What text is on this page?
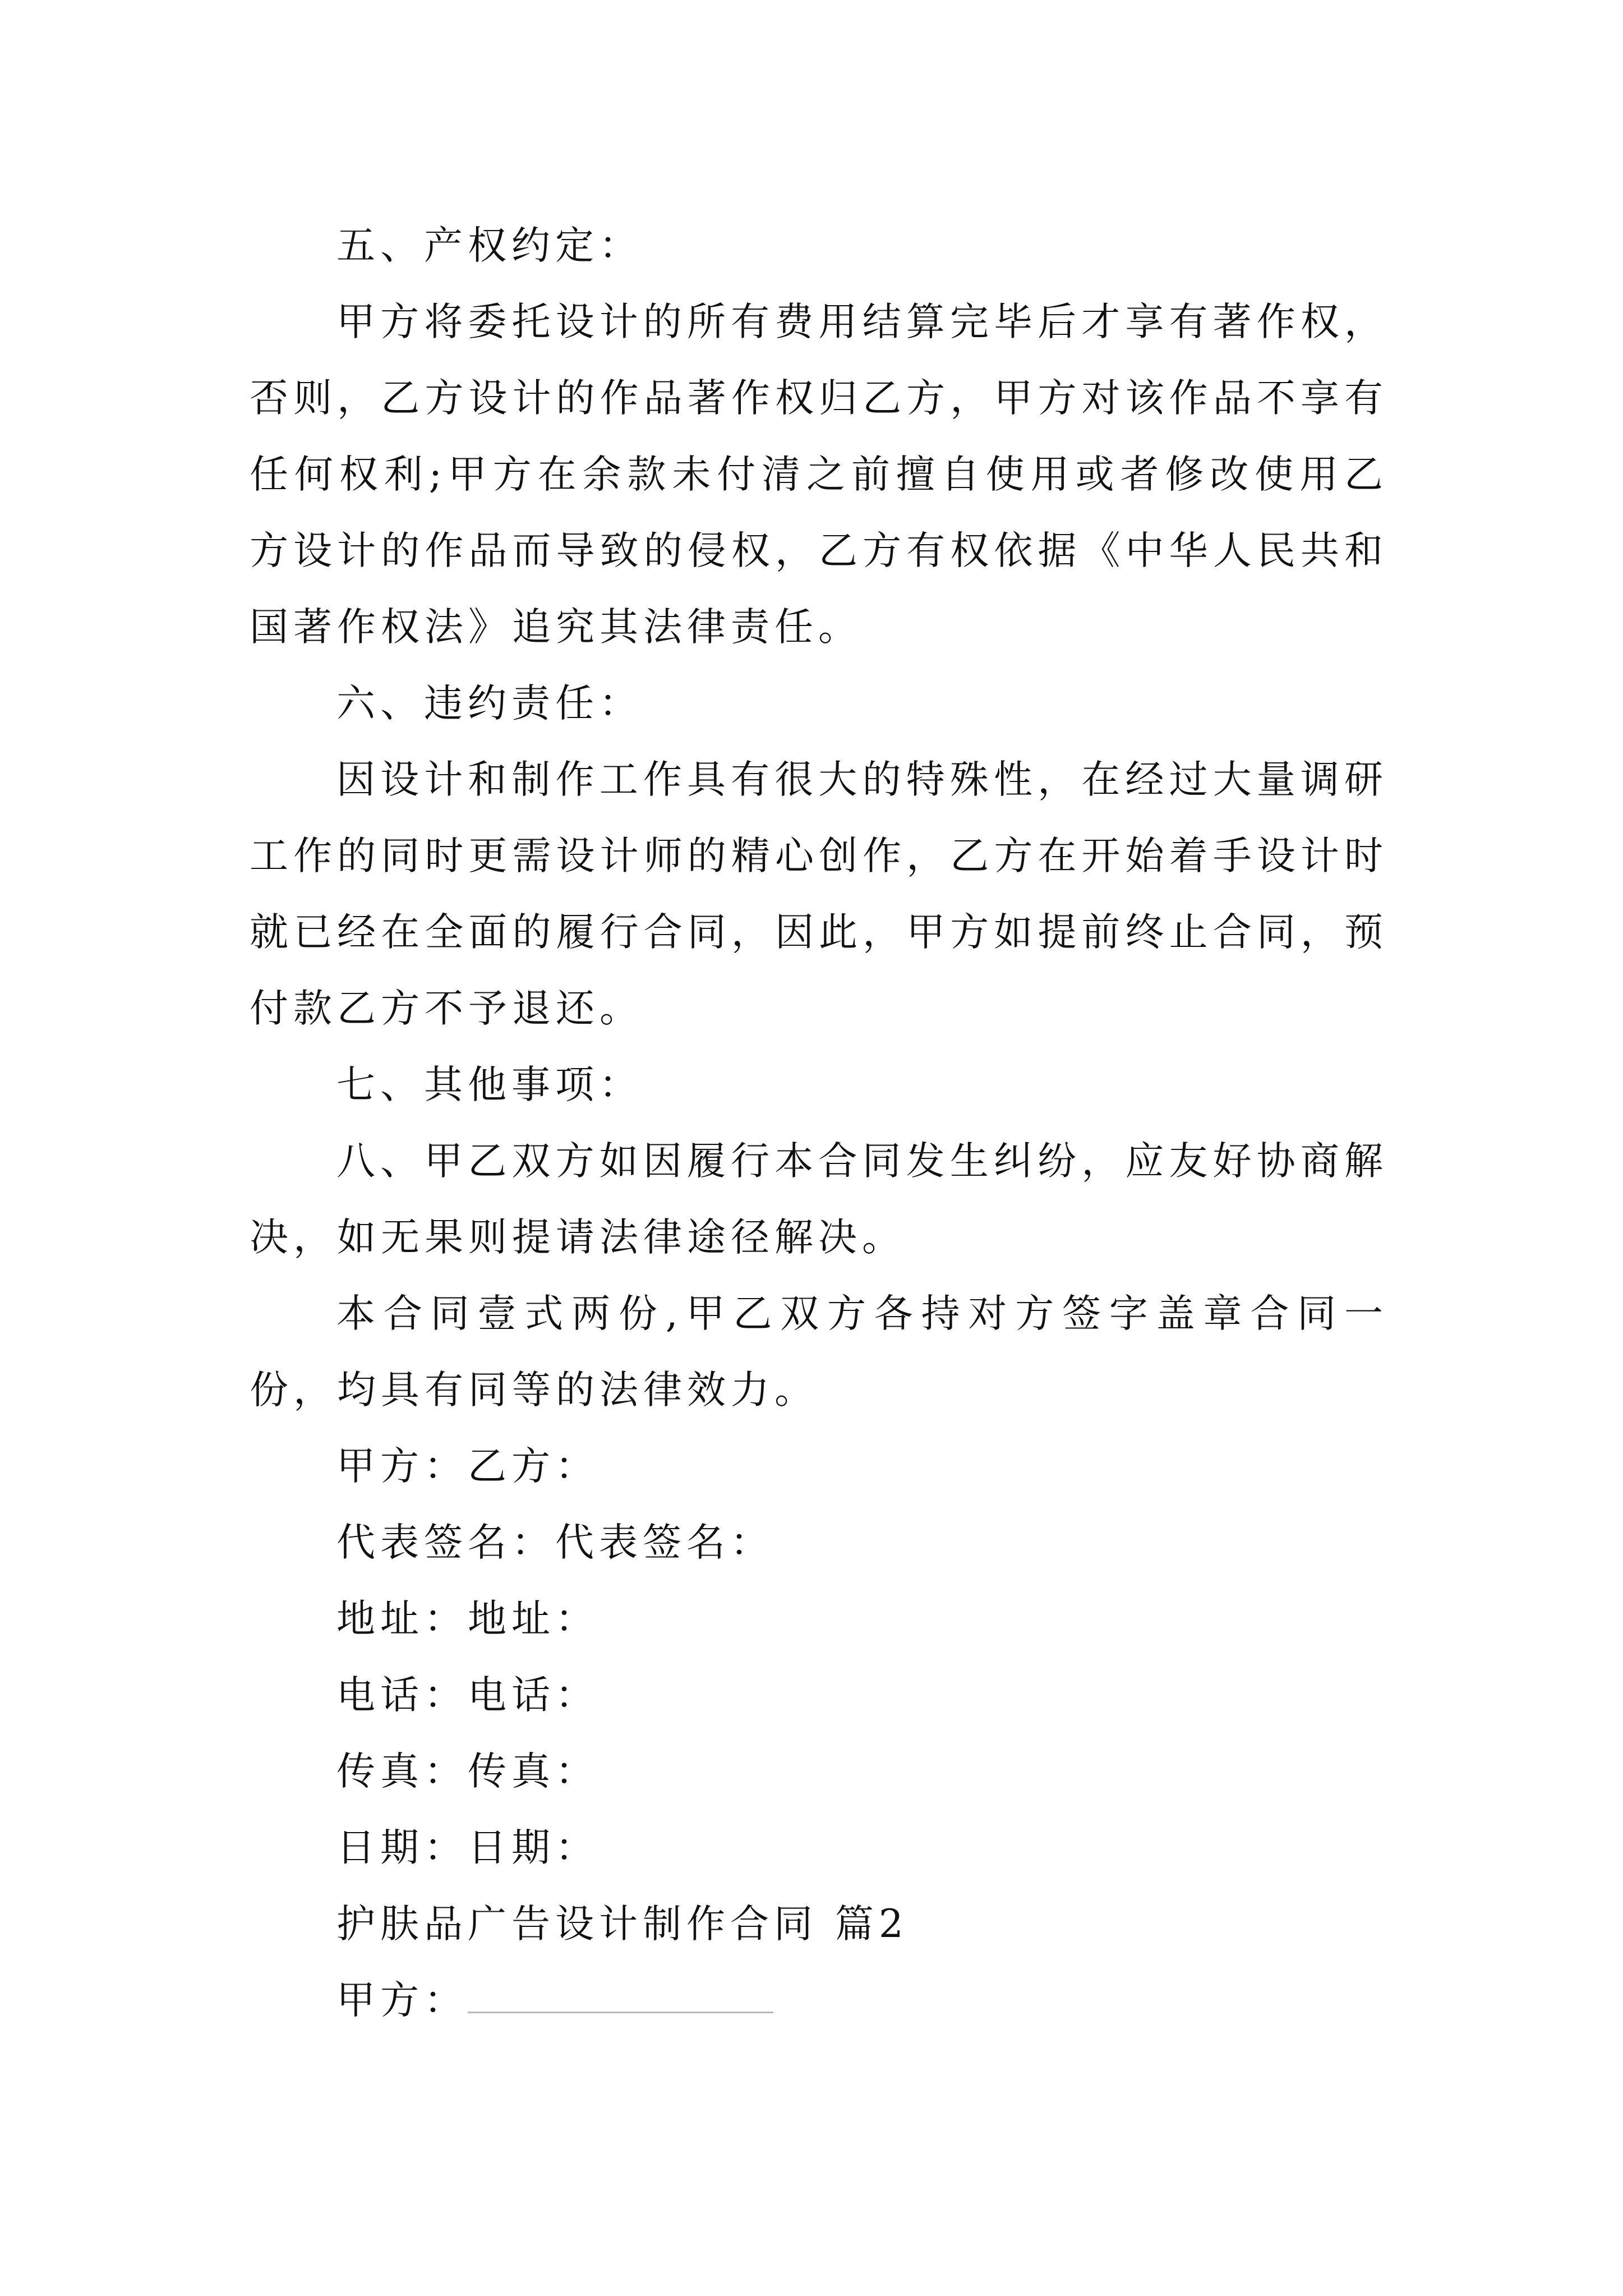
五、产权约定：

甲方将委托设计的所有费用结算完毕后才享有著作权，否则，乙方设计的作品著作权归乙方，甲方对该作品不享有任何权利;甲方在余款未付清之前擅自使用或者修改使用乙方设计的作品而导致的侵权，乙方有权依据《中华人民共和国著作权法》追究其法律责任。

六、违约责任：

因设计和制作工作具有很大的特殊性，在经过大量调研工作的同时更需设计师的精心创作，乙方在开始着手设计时就已经在全面的履行合同，因此，甲方如提前终止合同，预付款乙方不予退还。

七、其他事项：

八、甲乙双方如因履行本合同发生纠纷，应友好协商解决，如无果则提请法律途径解决。

本合同壹式两份,甲乙双方各持对方签字盖章合同一份，均具有同等的法律效力。

甲方：乙方：

代表签名：代表签名：

地址：地址：

电话：电话：

传真：传真：

日期：日期：

护肤品广告设计制作合同 篇2

甲方：
